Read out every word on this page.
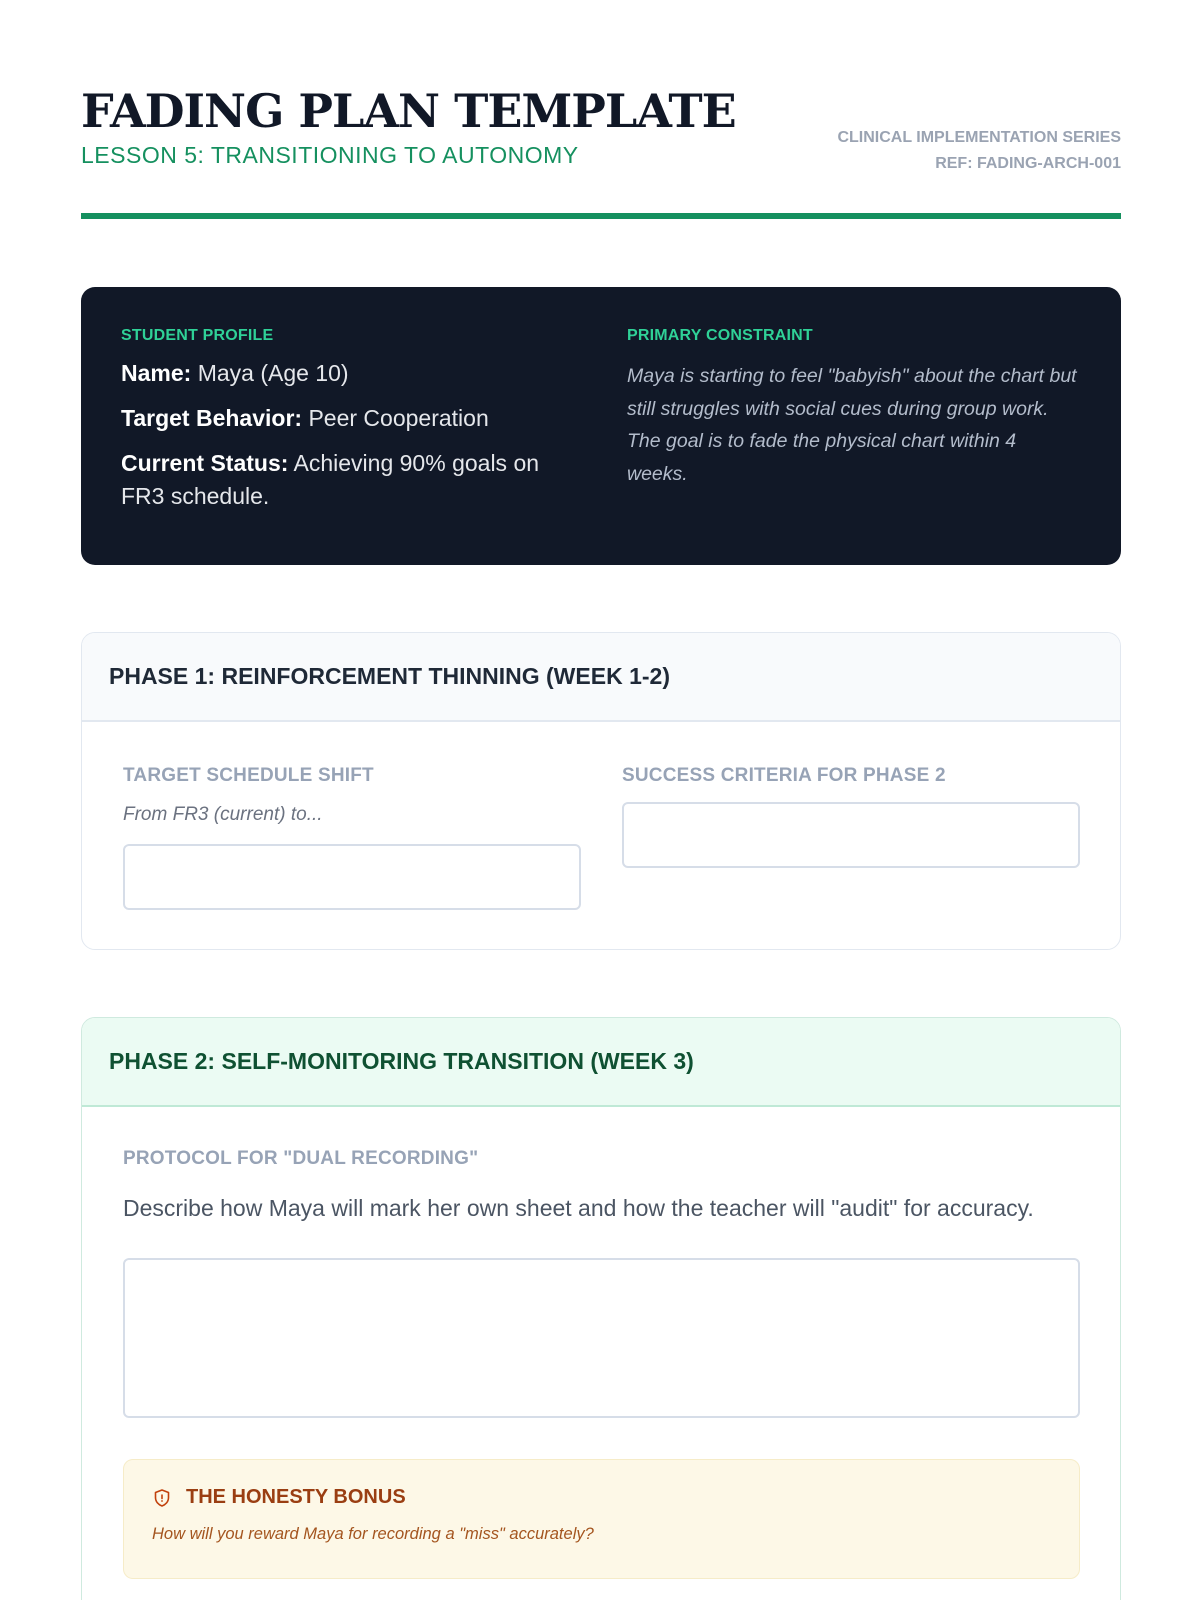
FADING PLAN TEMPLATE
LESSON 5: TRANSITIONING TO AUTONOMY
CLINICAL IMPLEMENTATION SERIES
REF: FADING-ARCH-001
STUDENT PROFILE
Name: Maya (Age 10)
Target Behavior: Peer Cooperation
Current Status: Achieving 90% goals on FR3 schedule.
PRIMARY CONSTRAINT
Maya is starting to feel "babyish" about the chart but still struggles with social cues during group work. The goal is to fade the physical chart within 4 weeks.
PHASE 1: REINFORCEMENT THINNING (WEEK 1-2)
TARGET SCHEDULE SHIFT
From FR3 (current) to...
SUCCESS CRITERIA FOR PHASE 2
PHASE 2: SELF-MONITORING TRANSITION (WEEK 3)
PROTOCOL FOR "DUAL RECORDING"
Describe how Maya will mark her own sheet and how the teacher will "audit" for accuracy.
THE HONESTY BONUS
How will you reward Maya for recording a "miss" accurately?
